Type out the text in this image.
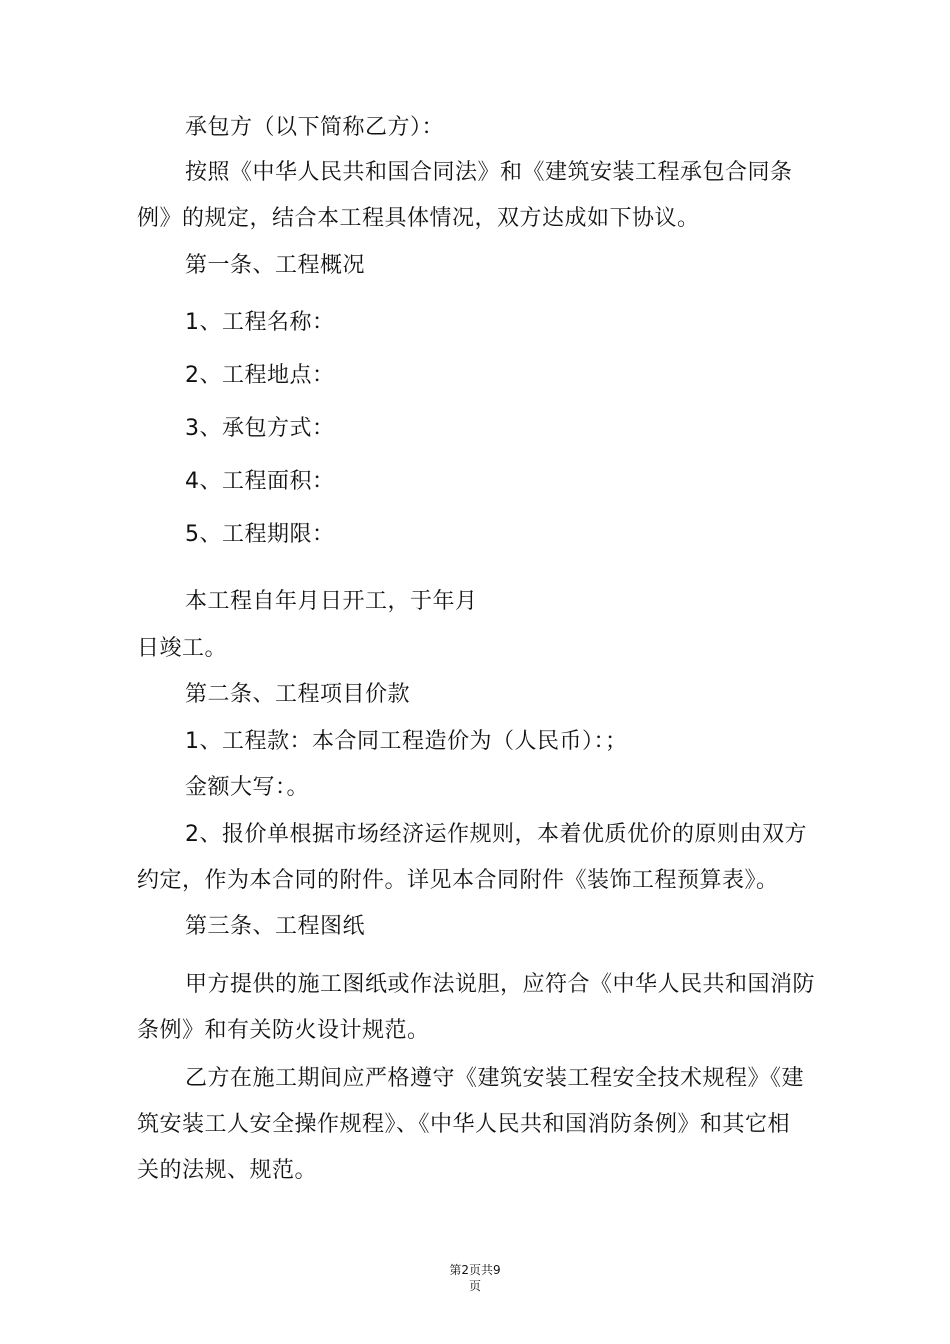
承包方（以下简称乙方）：
按照《中华人民共和国合同法》和《建筑安装工程承包合同条
例》的规定，结合本工程具体情况，双方达成如下协议。
第一条、工程概况
1、工程名称：
2、工程地点：
3、承包方式：
4、工程面积：
5、工程期限：
本工程自年月日开工，于年月
日竣工。
第二条、工程项目价款
1、工程款：本合同工程造价为（人民币）：；
金额大写：。
2、报价单根据市场经济运作规则，本着优质优价的原则由双方
约定，作为本合同的附件。详见本合同附件《装饰工程预算表》。
第三条、工程图纸
甲方提供的施工图纸或作法说胆，应符合《中华人民共和国消防
条例》和有关防火设计规范。
乙方在施工期间应严格遵守《建筑安装工程安全技术规程》《建
筑安装工人安全操作规程》、《中华人民共和国消防条例》和其它相
关的法规、规范。
第2页共9
页
